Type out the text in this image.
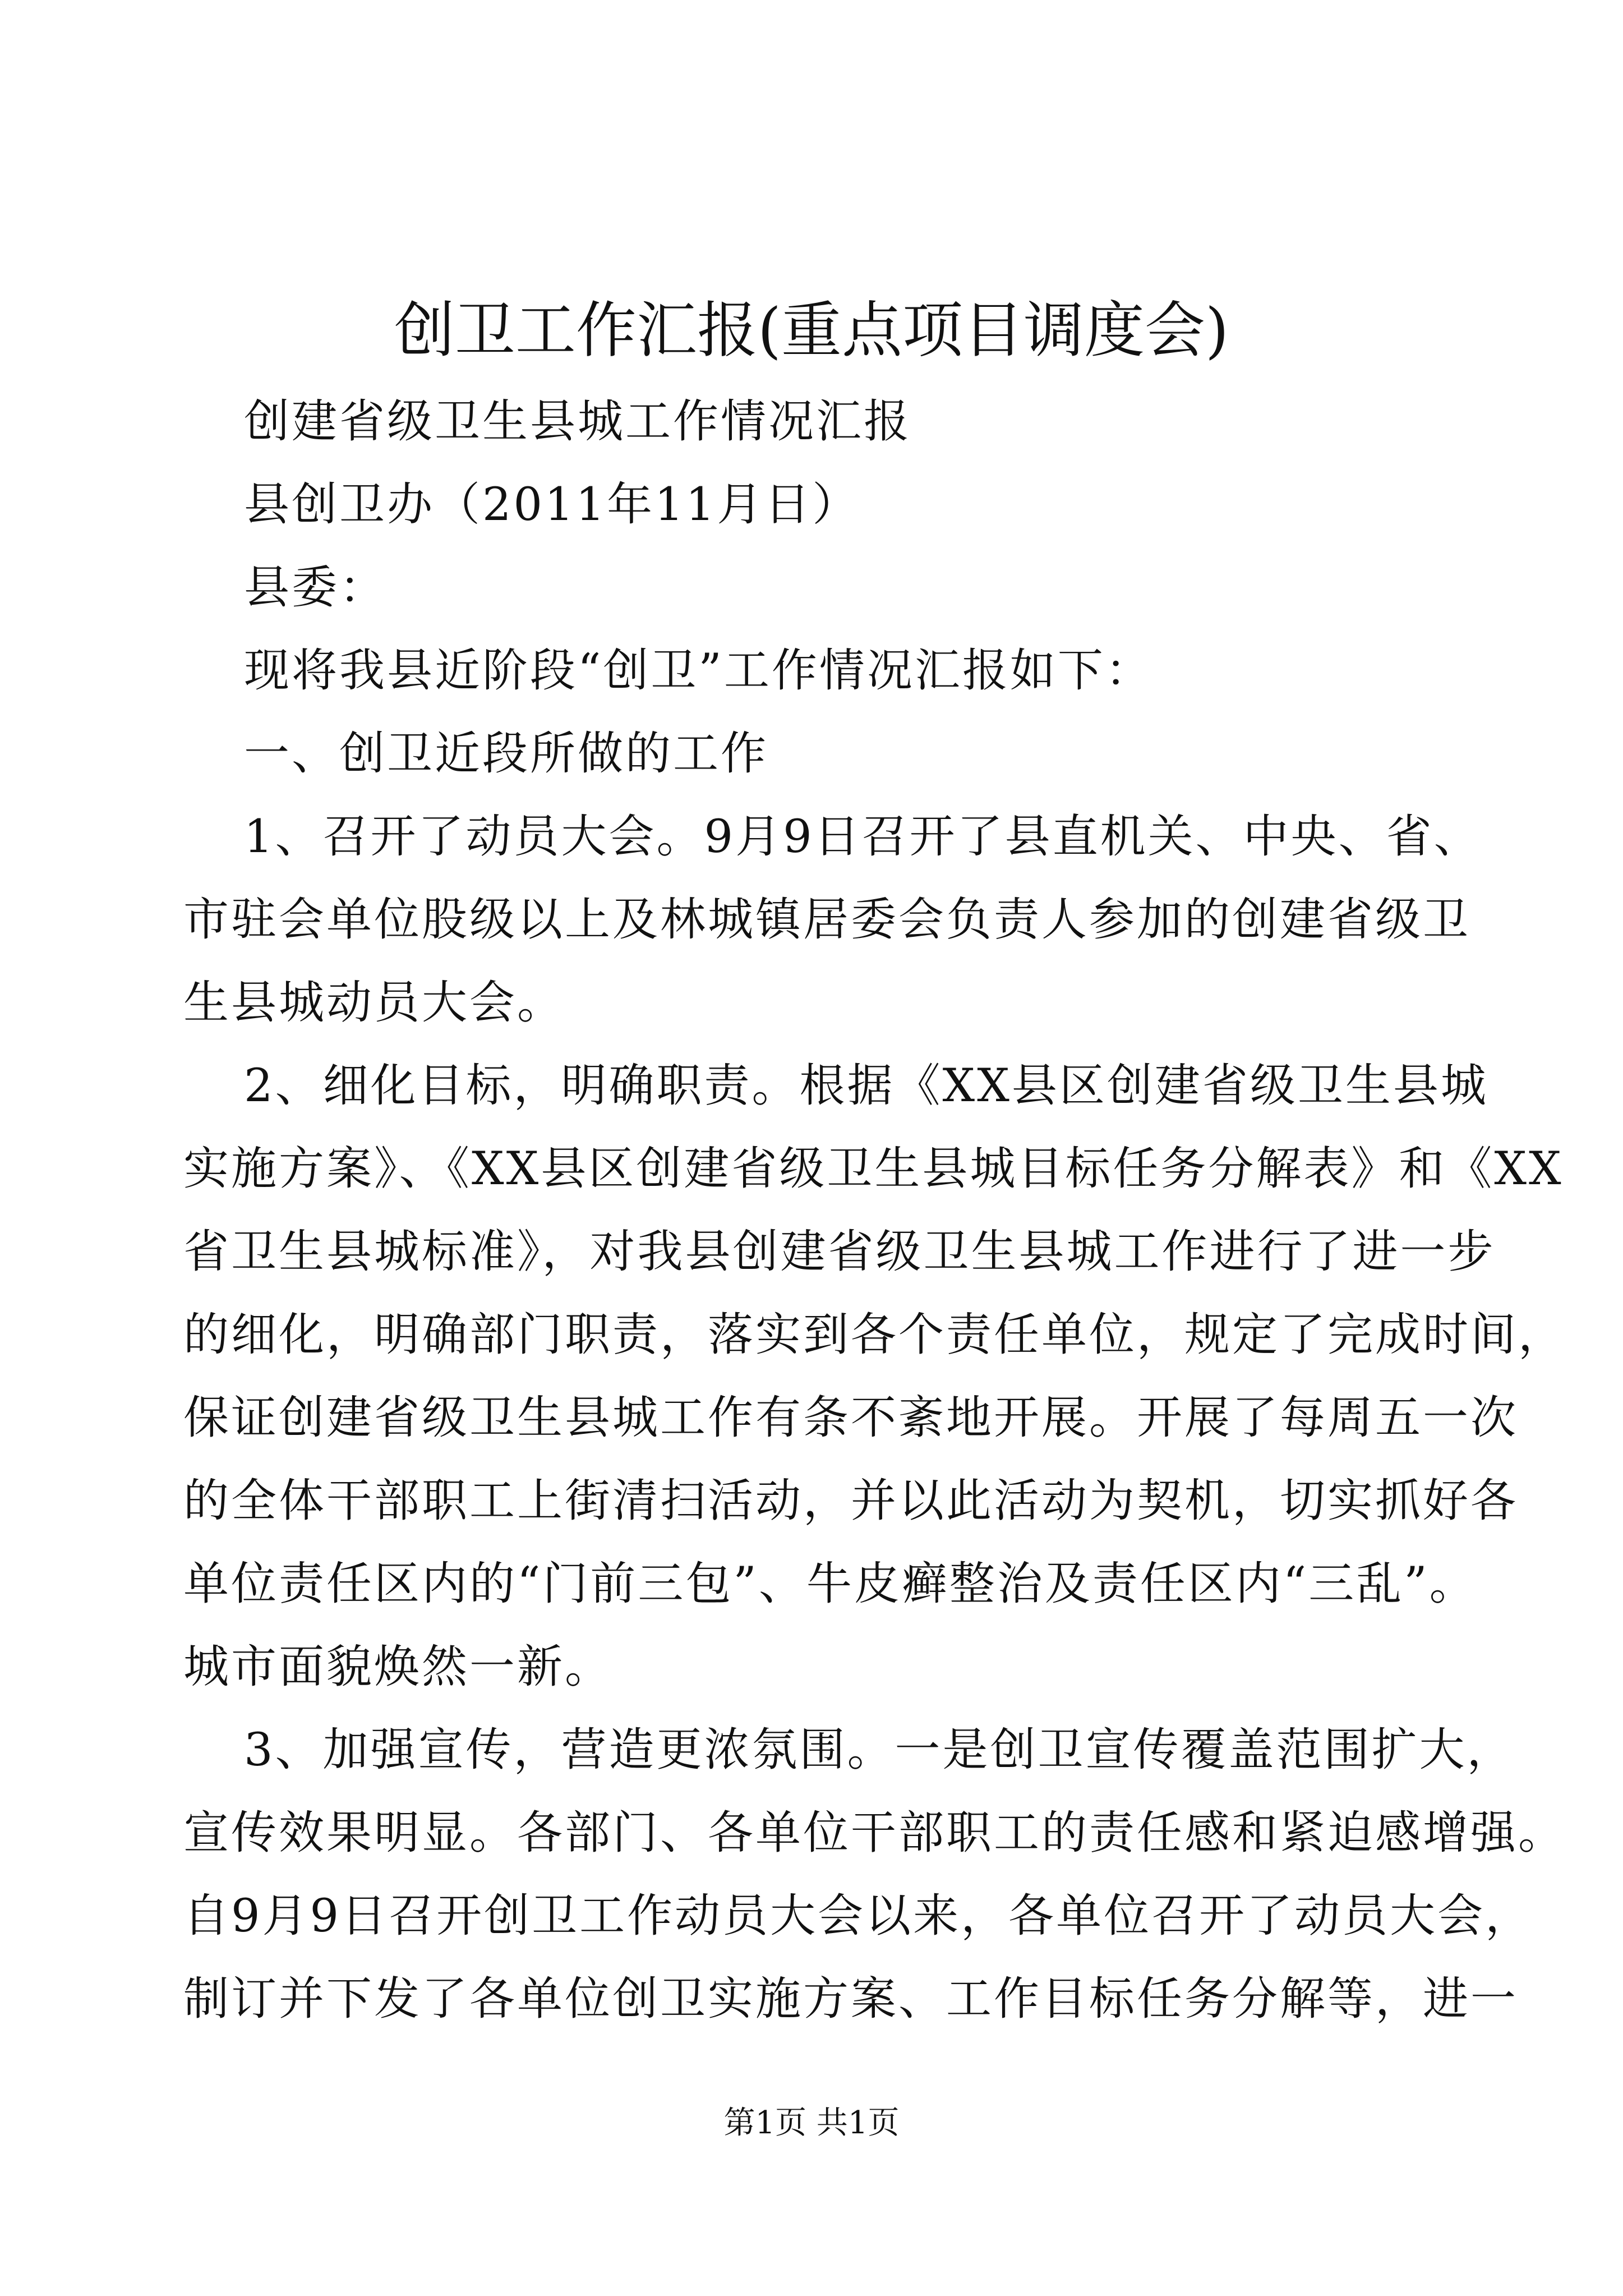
创卫工作汇报(重点项目调度会)

创建省级卫生县城工作情况汇报

县创卫办（2011年11月日）

县委：

现将我县近阶段“创卫”工作情况汇报如下：

一、创卫近段所做的工作

1、召开了动员大会。9月9日召开了县直机关、中央、省、

市驻会单位股级以上及林城镇居委会负责人参加的创建省级卫

生县城动员大会。

2、细化目标，明确职责。根据《XX县区创建省级卫生县城

实施方案》、《XX县区创建省级卫生县城目标任务分解表》和《XX

省卫生县城标准》，对我县创建省级卫生县城工作进行了进一步

的细化，明确部门职责，落实到各个责任单位，规定了完成时间，

保证创建省级卫生县城工作有条不紊地开展。开展了每周五一次

的全体干部职工上街清扫活动，并以此活动为契机，切实抓好各

单位责任区内的“门前三包”、牛皮癣整治及责任区内“三乱”。

城市面貌焕然一新。

3、加强宣传，营造更浓氛围。一是创卫宣传覆盖范围扩大，

宣传效果明显。各部门、各单位干部职工的责任感和紧迫感增强。

自9月9日召开创卫工作动员大会以来，各单位召开了动员大会，

制订并下发了各单位创卫实施方案、工作目标任务分解等，进一

第1页 共1页
